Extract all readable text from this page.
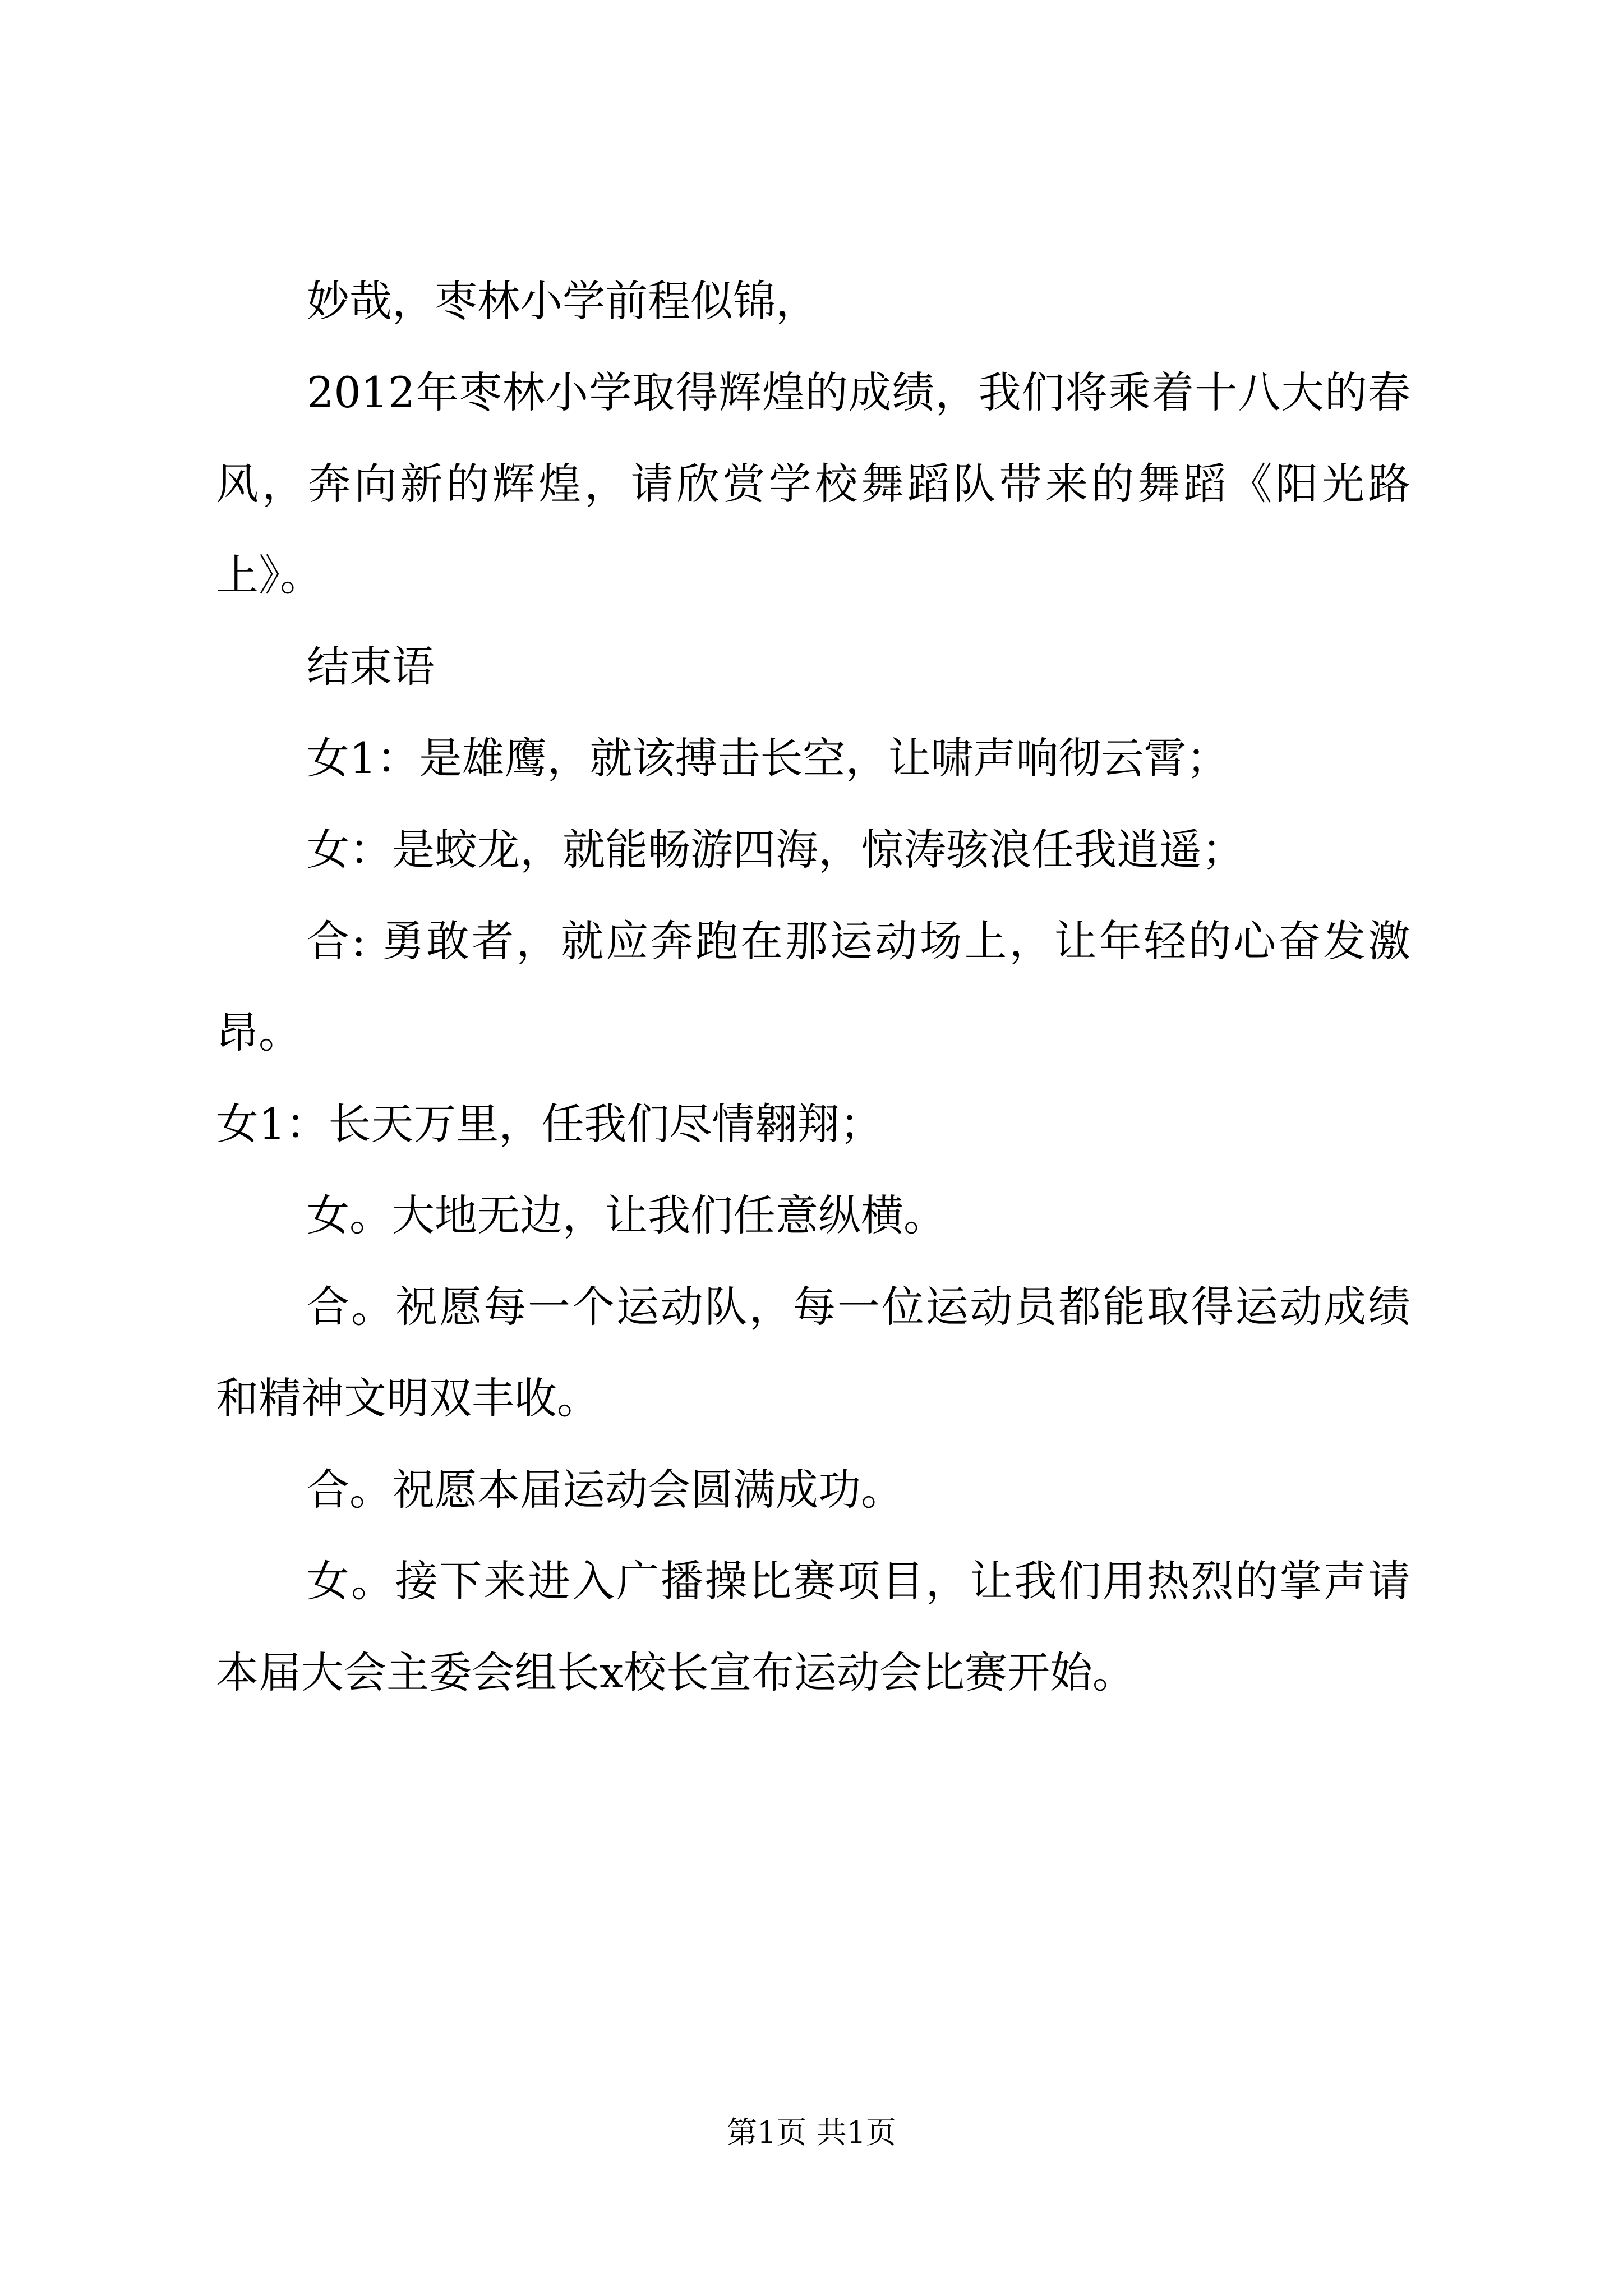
妙哉，枣林小学前程似锦，

2012年枣林小学取得辉煌的成绩，我们将乘着十八大的春风，奔向新的辉煌，请欣赏学校舞蹈队带来的舞蹈《阳光路上》。

结束语

女1：是雄鹰，就该搏击长空，让啸声响彻云霄；

女：是蛟龙，就能畅游四海，惊涛骇浪任我逍遥；

合: 勇敢者，就应奔跑在那运动场上，让年轻的心奋发激昂。

女1：长天万里，任我们尽情翱翔；

女。大地无边，让我们任意纵横。

合。祝愿每一个运动队，每一位运动员都能取得运动成绩和精神文明双丰收。

合。祝愿本届运动会圆满成功。

女。接下来进入广播操比赛项目，让我们用热烈的掌声请本届大会主委会组长x校长宣布运动会比赛开始。

第1页 共1页
